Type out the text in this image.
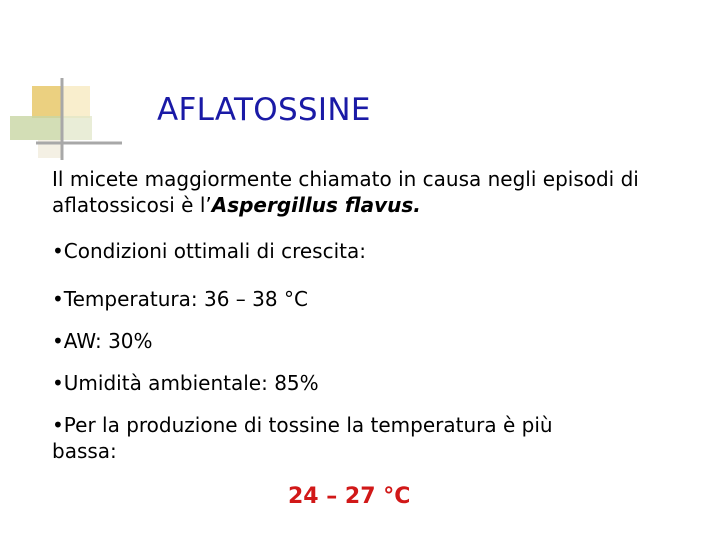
AFLATOSSINE

Il micete maggiormente chiamato in causa negli episodi di aflatossicosi è l’Aspergillus flavus.

•Condizioni ottimali di crescita:

•Temperatura: 36 – 38 °C

•AW: 30%

•Umidità ambientale: 85%

•Per la produzione di tossine la temperatura è più bassa:

24 – 27 °C
